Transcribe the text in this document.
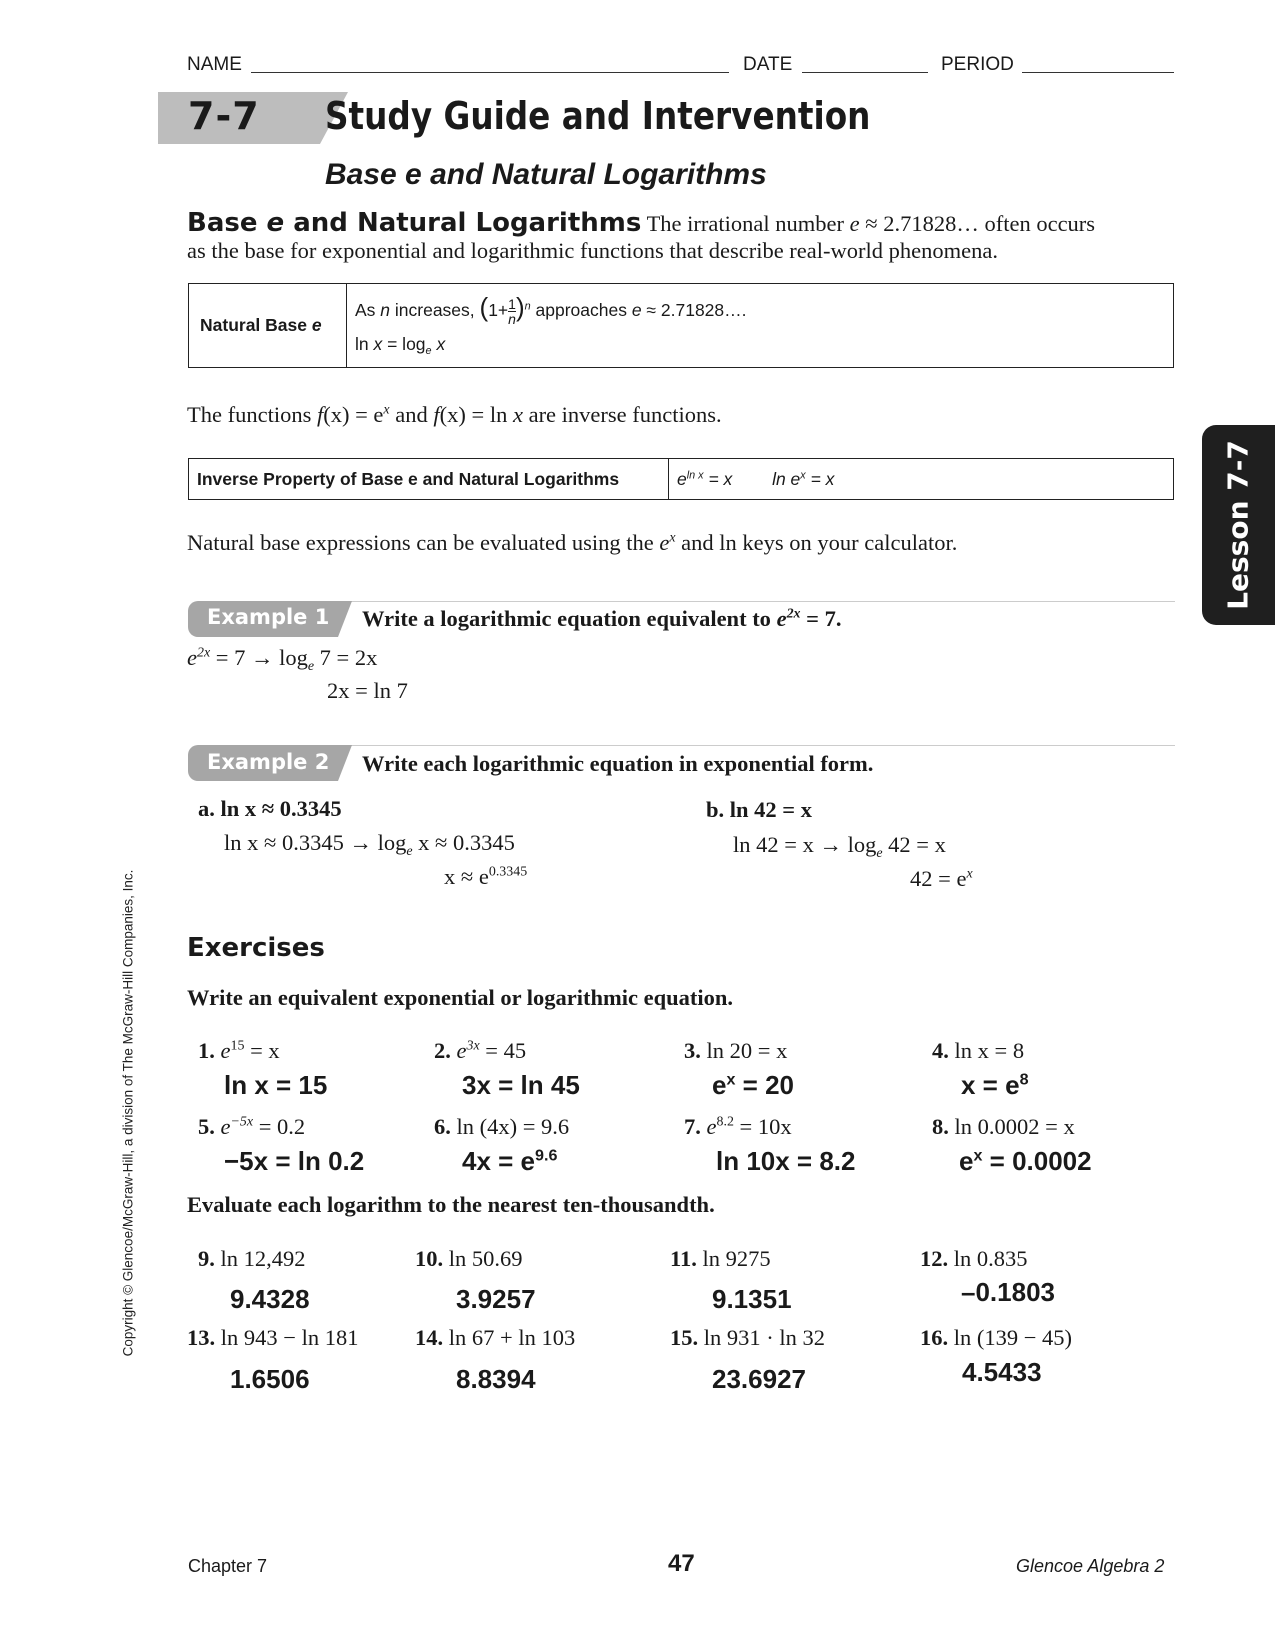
NAME	DATE	PERIOD
7-7 Study Guide and Intervention
Base e and Natural Logarithms
Lesson 7-7
Copyright © Glencoe/McGraw-Hill, a division of The McGraw-Hill Companies, Inc.
Base e and Natural Logarithms The irrational number e ≈ 2.71828… often occurs
as the base for exponential and logarithmic functions that describe real-world phenomena.
Natural Base e	
As n increases, $(1+ \frac{1}{n} )^n$ approaches e ≈ 2.71828….
$\ln x = \log_e x$
The functions $f(x) = e^x$ and f(x) = ln x are inverse functions.
Inverse Property of Base e and Natural Logarithms	$e^{ln x} = x$ $\ln e^x = x$
Natural base expressions can be evaluated using the $e^x$ and ln keys on your calculator.
Example 1 Write a logarithmic equation equivalent to $e^{2x} = 7$.
$e^{2x} = 7 \to \log_e 7 = 2x$
2x = ln 7
Example 2 Write each logarithmic equation in exponential form.
a. ln x ≈ 0.3345
$\ln x \approx 0.3345 \to \log_e x \approx 0.3345$
$x \approx e^{0.3345}$
b. ln 42 = x
$\ln 42 = x \to \log_e 42 = x$
$42 = e^x$
Exercises
Write an equivalent exponential or logarithmic equation.
1. $e^{15} = x$
ln x = 15
2. $e^{3x} = 45$
3x = ln 45
3. ln 20 = x
$e^x = 20$
4. ln x = 8
$x = e^8$
5. $e^{-5x} = 0.2$
−5x = ln 0.2
6. ln (4x) = 9.6
$4x = e^{9.6}$
7. $e^{8.2} = 10x$
ln 10x = 8.2
8. ln 0.0002 = x
$e^x = 0.0002$
Evaluate each logarithm to the nearest ten-thousandth.
9. ln 12,492
9.4328
10. ln 50.69
3.9257
11. ln 9275
9.1351
12. ln 0.835
–0.1803
13. ln 943 − ln 181
1.6506
14. ln 67 + ln 103
8.8394
15. ln 931 · ln 32
23.6927
16. ln (139 − 45)
4.5433
Chapter 7	47	Glencoe Algebra 2
